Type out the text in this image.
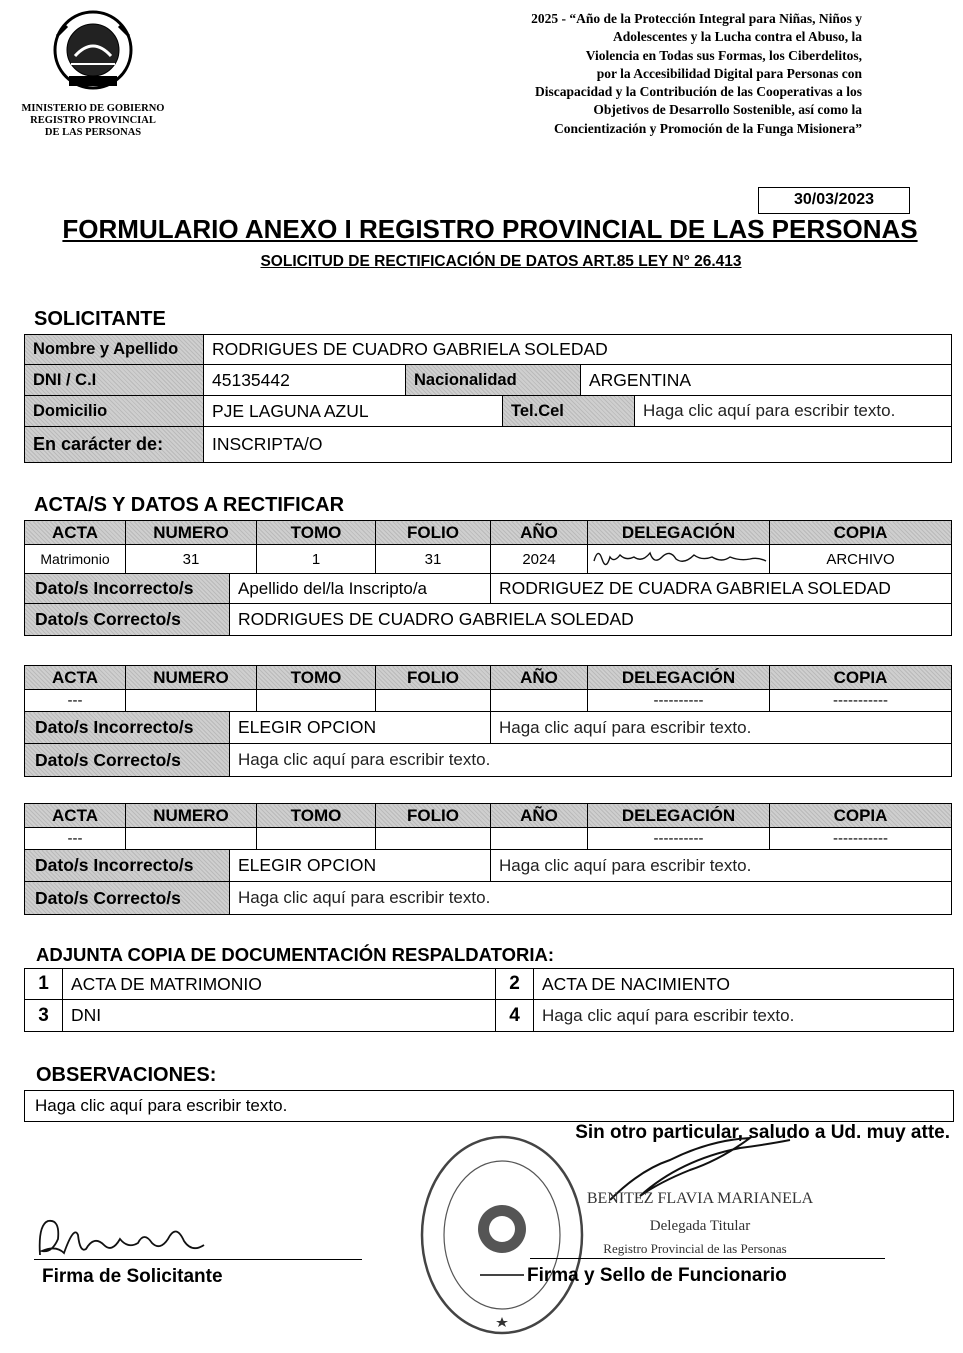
MINISTERIO DE GOBIERNO
REGISTRO PROVINCIAL
DE LAS PERSONAS
2025 - “Año de la Protección Integral para Niñas, Niños y
Adolescentes y la Lucha contra el Abuso, la
Violencia en Todas sus Formas, los Ciberdelitos,
por la Accesibilidad Digital para Personas con
Discapacidad y la Contribución de las Cooperativas a los
Objetivos de Desarrollo Sostenible, así como la
Concientización y Promoción de la Funga Misionera”
30/03/2023
FORMULARIO ANEXO I REGISTRO PROVINCIAL DE LAS PERSONAS
SOLICITUD DE RECTIFICACIÓN DE DATOS ART.85 LEY N° 26.413
SOLICITANTE
Nombre y Apellido	RODRIGUES DE CUADRO GABRIELA SOLEDAD				
DNI / C.I	45135442	Nacionalidad		ARGENTINA	
Domicilio	PJE LAGUNA AZUL		Tel.Cel		Haga clic aquí para escribir texto.
En carácter de:	INSCRIPTA/O				
ACTA/S Y DATOS A RECTIFICAR
ACTA	NUMERO		TOMO	FOLIO	AÑO	DELEGACIÓN	COPIA
Matrimonio	31		1	31	2024		ARCHIVO
Dato/s Incorrecto/s		Apellido del/la Inscripto/a			RODRIGUEZ DE CUADRA GABRIELA SOLEDAD		
Dato/s Correcto/s		RODRIGUES DE CUADRO GABRIELA SOLEDAD					
ACTA	NUMERO		TOMO	FOLIO	AÑO	DELEGACIÓN	COPIA
---						----------	-----------
Dato/s Incorrecto/s		ELEGIR OPCION			Haga clic aquí para escribir texto.		
Dato/s Correcto/s		Haga clic aquí para escribir texto.					
ACTA	NUMERO		TOMO	FOLIO	AÑO	DELEGACIÓN	COPIA
---						----------	-----------
Dato/s Incorrecto/s		ELEGIR OPCION			Haga clic aquí para escribir texto.		
Dato/s Correcto/s		Haga clic aquí para escribir texto.					
ADJUNTA COPIA DE DOCUMENTACIÓN RESPALDATORIA:
1	ACTA DE MATRIMONIO	2	ACTA DE NACIMIENTO
3	DNI	4	Haga clic aquí para escribir texto.
OBSERVACIONES:
Haga clic aquí para escribir texto.
Sin otro particular, saludo a Ud. muy atte.
BENITEZ FLAVIA MARIANELA
Delegada Titular
Registro Provincial de las Personas
Firma de Solicitante	Firma y Sello de Funcionario
